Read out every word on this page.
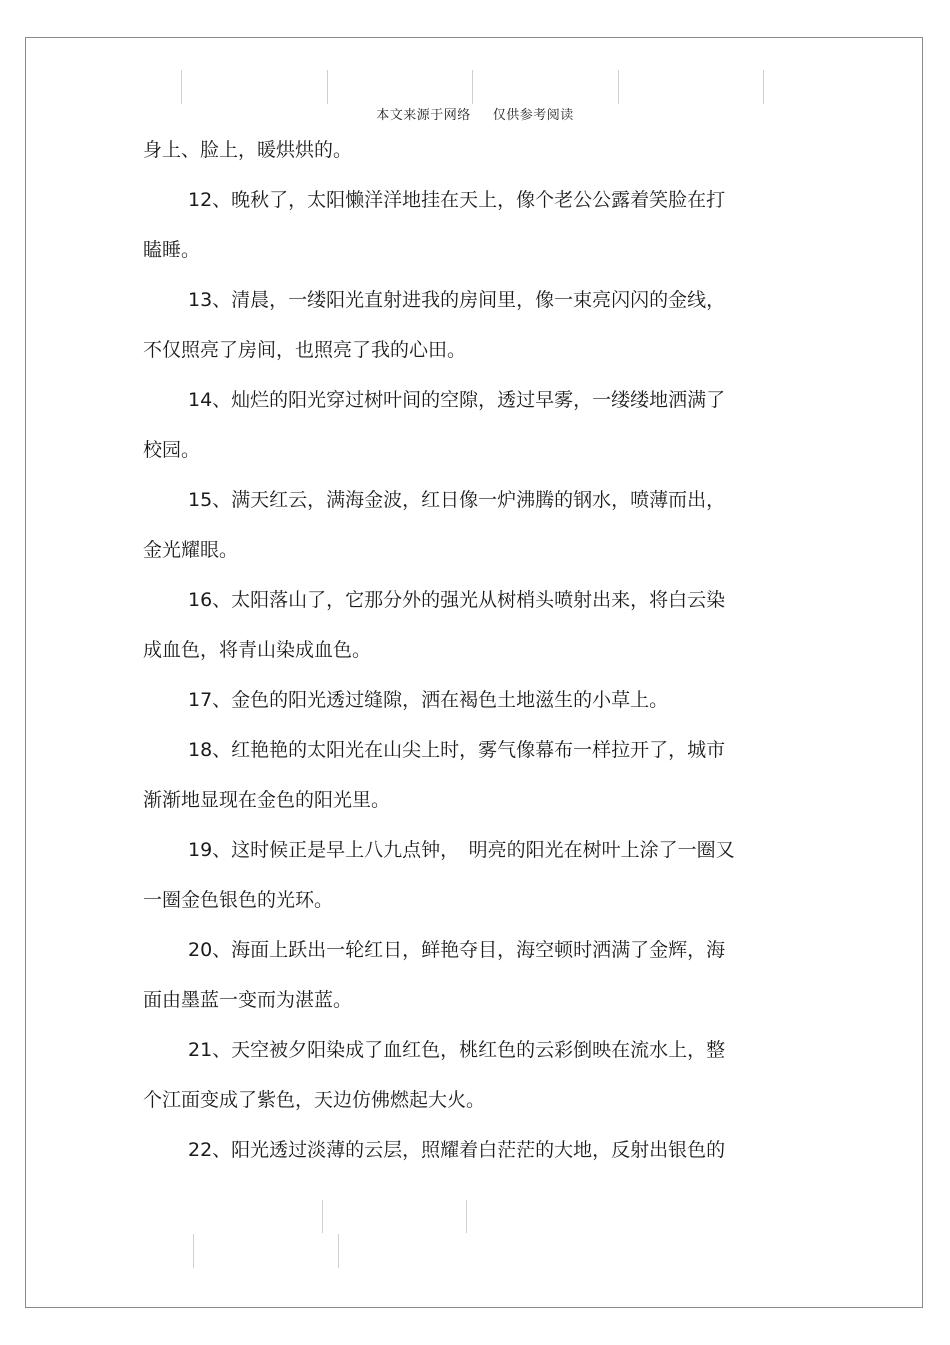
本文来源于网络 仅供参考阅读

身上、脸上，暖烘烘的。

12、晚秋了，太阳懒洋洋地挂在天上，像个老公公露着笑脸在打

瞌睡。

13、清晨，一缕阳光直射进我的房间里，像一束亮闪闪的金线，

不仅照亮了房间，也照亮了我的心田。

14、灿烂的阳光穿过树叶间的空隙，透过早雾，一缕缕地洒满了

校园。

15、满天红云，满海金波，红日像一炉沸腾的钢水，喷薄而出，

金光耀眼。

16、太阳落山了，它那分外的强光从树梢头喷射出来，将白云染

成血色，将青山染成血色。

17、金色的阳光透过缝隙，洒在褐色土地滋生的小草上。

18、红艳艳的太阳光在山尖上时，雾气像幕布一样拉开了，城市

渐渐地显现在金色的阳光里。

19、这时候正是早上八九点钟，　明亮的阳光在树叶上涂了一圈又

一圈金色银色的光环。

20、海面上跃出一轮红日，鲜艳夺目，海空顿时洒满了金辉，海

面由墨蓝一变而为湛蓝。

21、天空被夕阳染成了血红色，桃红色的云彩倒映在流水上，整

个江面变成了紫色，天边仿佛燃起大火。

22、阳光透过淡薄的云层，照耀着白茫茫的大地，反射出银色的
